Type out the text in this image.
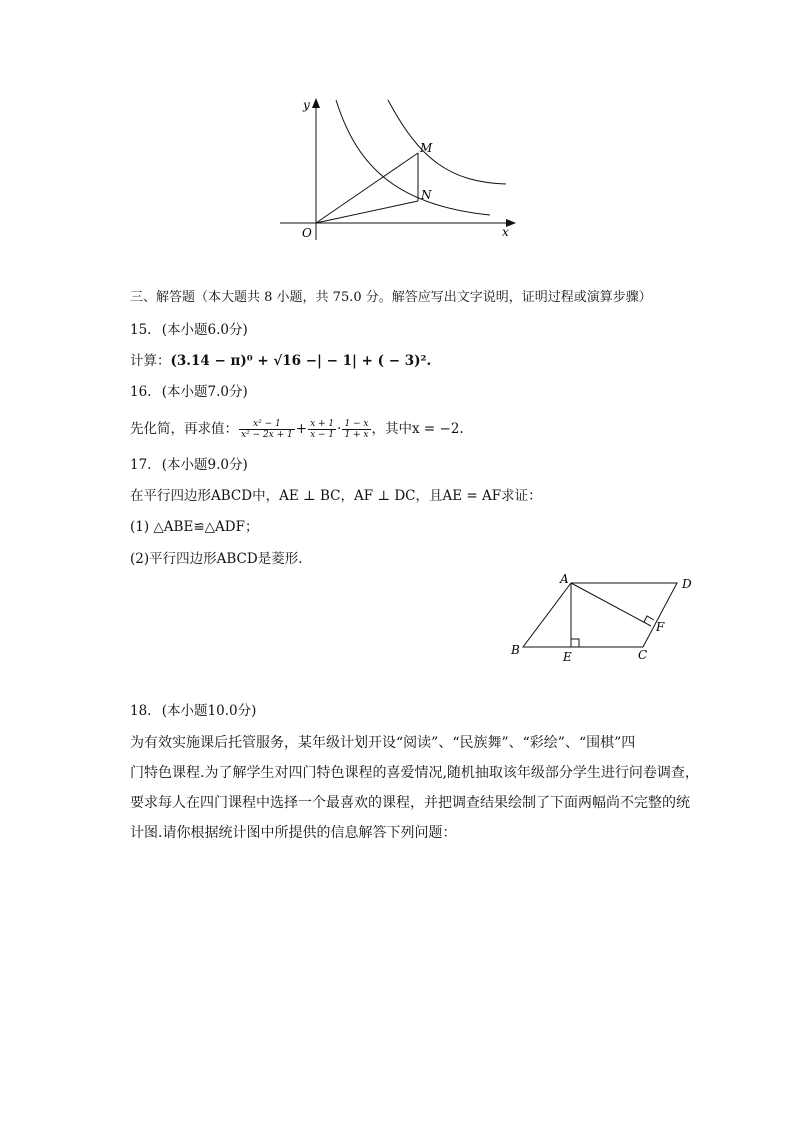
y
x
O
M
N
三、解答题（本大题共 8 小题，共 75.0 分。解答应写出文字说明，证明过程或演算步骤）
15. (本小题6.0分)
计算：(3.14 − π)⁰ + √16 −| − 1| + ( − 3)².
16. (本小题7.0分)
先化简，再求值： $\frac{\text{x² − 1}}{\text{x² − 2x + 1}} + \frac{x + 1}{x - 1} \cdot \frac{1 - x}{1 + x}$ ，其中x = −2.
17. (本小题9.0分)
在平行四边形ABCD中，AE ⊥ BC，AF ⊥ DC，且AE = AF求证：
(1) △ABE≌△ADF；
(2)平行四边形ABCD是菱形．
A	D
B	E	C
F
18. (本小题10.0分)
为有效实施课后托管服务，某年级计划开设“阅读”、“民族舞”、“彩绘”、“围棋”四
门特色课程.为了解学生对四门特色课程的喜爱情况,随机抽取该年级部分学生进行问卷调查，
要求每人在四门课程中选择一个最喜欢的课程，并把调查结果绘制了下面两幅尚不完整的统
计图.请你根据统计图中所提供的信息解答下列问题：
